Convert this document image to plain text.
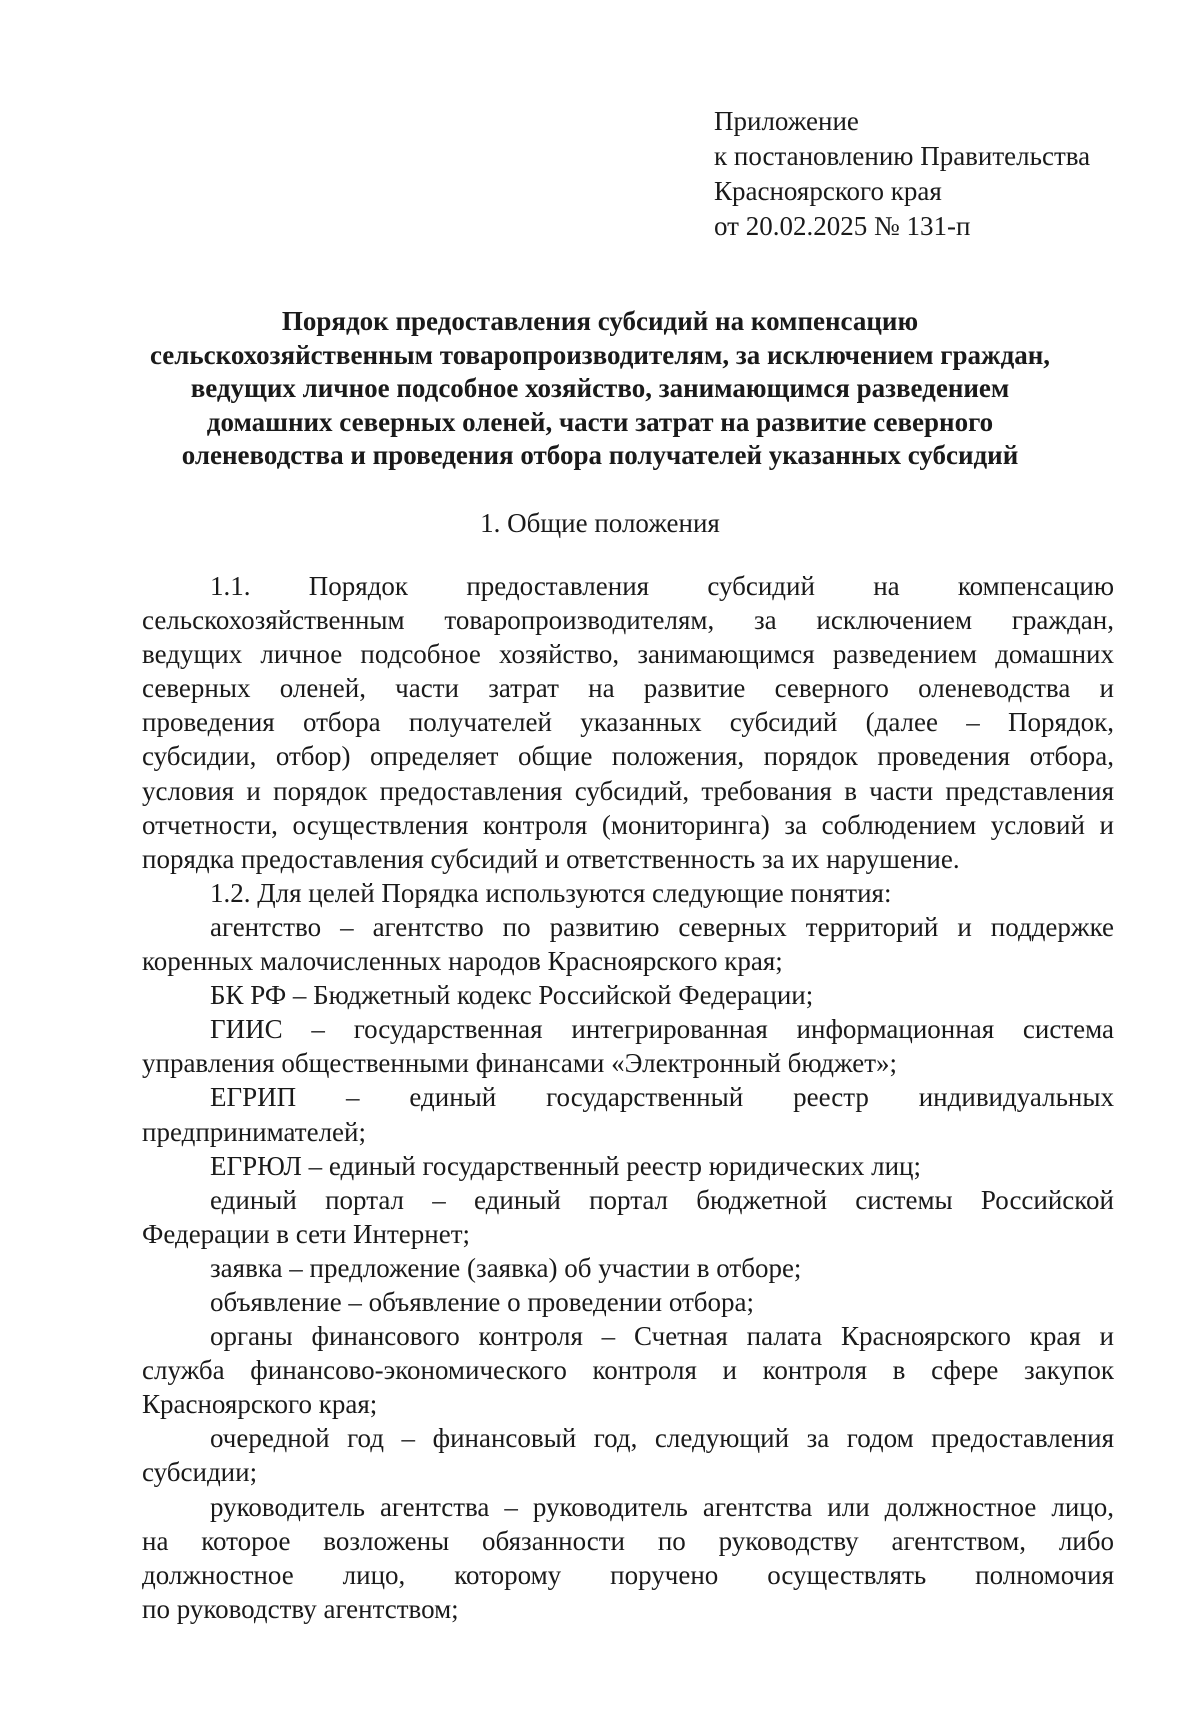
Приложение
к постановлению Правительства
Красноярского края
от 20.02.2025 № 131-п
Порядок предоставления субсидий на компенсацию
сельскохозяйственным товаропроизводителям, за исключением граждан,
ведущих личное подсобное хозяйство, занимающимся разведением
домашних северных оленей, части затрат на развитие северного
оленеводства и проведения отбора получателей указанных субсидий
1. Общие положения
1.1. Порядок предоставления субсидий на компенсацию
сельскохозяйственным товаропроизводителям, за исключением граждан,
ведущих личное подсобное хозяйство, занимающимся разведением домашних
северных оленей, части затрат на развитие северного оленеводства и
проведения отбора получателей указанных субсидий (далее – Порядок,
субсидии, отбор) определяет общие положения, порядок проведения отбора,
условия и порядок предоставления субсидий, требования в части представления
отчетности, осуществления контроля (мониторинга) за соблюдением условий и
порядка предоставления субсидий и ответственность за их нарушение.
1.2. Для целей Порядка используются следующие понятия:
агентство – агентство по развитию северных территорий и поддержке
коренных малочисленных народов Красноярского края;
БК РФ – Бюджетный кодекс Российской Федерации;
ГИИС – государственная интегрированная информационная система
управления общественными финансами «Электронный бюджет»;
ЕГРИП – единый государственный реестр индивидуальных
предпринимателей;
ЕГРЮЛ – единый государственный реестр юридических лиц;
единый портал – единый портал бюджетной системы Российской
Федерации в сети Интернет;
заявка – предложение (заявка) об участии в отборе;
объявление – объявление о проведении отбора;
органы финансового контроля – Счетная палата Красноярского края и
служба финансово-экономического контроля и контроля в сфере закупок
Красноярского края;
очередной год – финансовый год, следующий за годом предоставления
субсидии;
руководитель агентства – руководитель агентства или должностное лицо,
на которое возложены обязанности по руководству агентством, либо
должностное лицо, которому поручено осуществлять полномочия
по руководству агентством;
